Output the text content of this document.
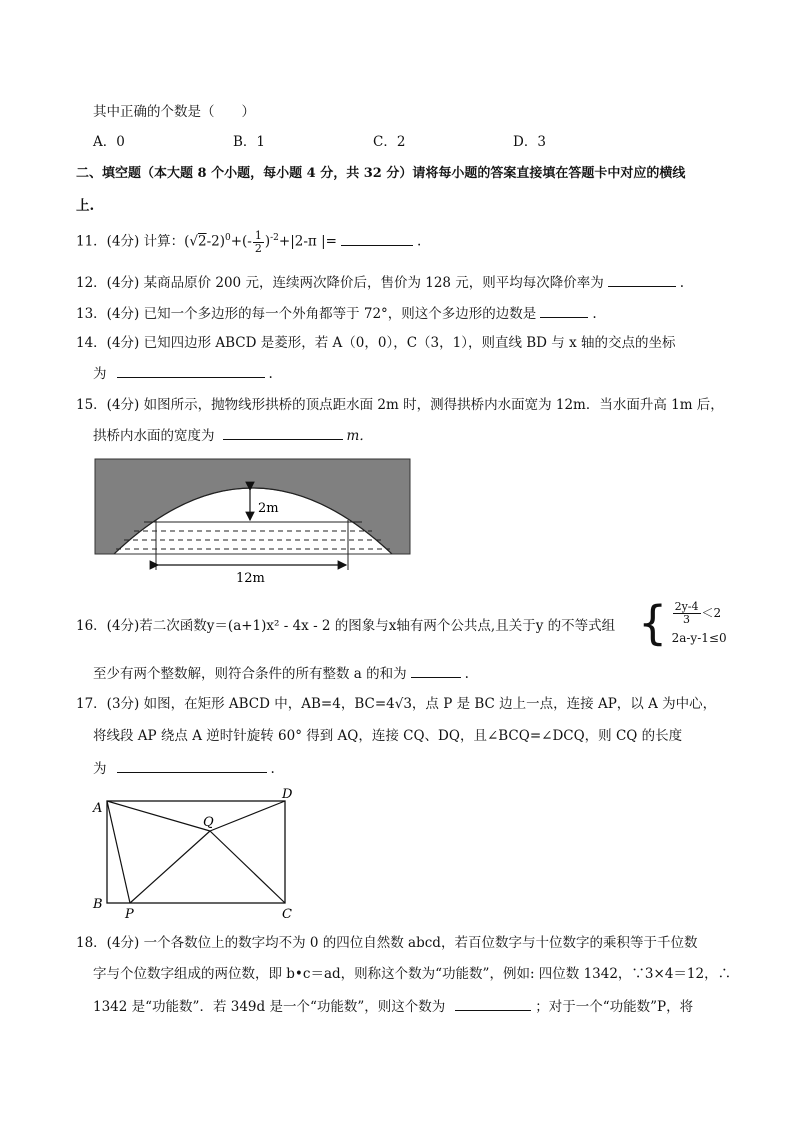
其中正确的个数是（　　）
A．0	B．1	C．2	D．3
二、填空题（本大题 8 个小题，每小题 4 分，共 32 分）请将每小题的答案直接填在答题卡中对应的横线
上.
11．(4分) 计算：$(√2-2)^0+(- \frac{1}{2} )^{-2}+|2-\pi$ |=	.
12．(4分) 某商品原价 200 元，连续两次降价后，售价为 128 元，则平均每次降价率为	.
13．(4分) 已知一个多边形的每一个外角都等于 72°，则这个多边形的边数是	.
14．(4分) 已知四边形 ABCD 是菱形，若 A（0，0），C（3，1），则直线 BD 与 x 轴的交点的坐标
为	.
15．(4分) 如图所示，抛物线形拱桥的顶点距水面 2m 时，测得拱桥内水面宽为 12m．当水面升高 1m 后，
拱桥内水面的宽度为	m．
2m
12m
16．(4分)若二次函数y＝(a+1)x² - 4x - 2 的图象与x轴有两个公共点,且关于y 的不等式组 { $\frac{2y-4}{3} <2$
2a-y-1≤0
至少有两个整数解，则符合条件的所有整数 a 的和为	.
17．(3分) 如图，在矩形 ABCD 中，AB=4，BC=4√3，点 P 是 BC 边上一点，连接 AP，以 A 为中心，
将线段 AP 绕点 A 逆时针旋转 60° 得到 AQ，连接 CQ、DQ，且∠BCQ=∠DCQ，则 CQ 的长度
为	.
A
D
B
C
P
Q
18．(4分) 一个各数位上的数字均不为 0 的四位自然数 abcd，若百位数字与十位数字的乘积等于千位数
字与个位数字组成的两位数，即 b•c＝ad，则称这个数为“功能数”，例如: 四位数 1342，∵3×4＝12，∴
1342 是“功能数”．若 349d 是一个“功能数”，则这个数为	；对于一个“功能数”P，将
